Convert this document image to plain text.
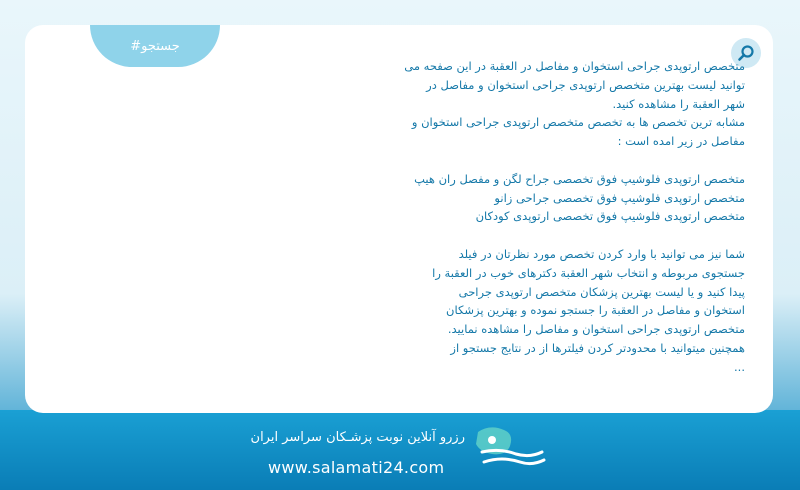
#جستجو

متخصص ارتوپدی جراحی استخوان و مفاصل در العقبة در این صفحه می

توانید لیست بهترین متخصص ارتوپدی جراحی استخوان و مفاصل در

شهر العقبة را مشاهده کنید.

مشابه ترین تخصص ها به تخصص متخصص ارتوپدی جراحی استخوان و

مفاصل در زیر امده است :

متخصص ارتوپدی فلوشیپ فوق تخصصی جراح لگن و مفصل ران هیپ

متخصص ارتوپدی فلوشیپ فوق تخصصی جراحی زانو

متخصص ارتوپدی فلوشیپ فوق تخصصی ارتوپدی کودکان

شما نیز می توانید با وارد کردن تخصص مورد نظرتان در فیلد

جستجوی مربوطه و انتخاب شهر العقبة دکترهای خوب در العقبة را

پیدا کنید و یا لیست بهترین پزشکان متخصص ارتوپدی جراحی

استخوان و مفاصل در العقبة را جستجو نموده و بهترین پزشکان

متخصص ارتوپدی جراحی استخوان و مفاصل را مشاهده نمایید.

همچنین میتوانید با محدودتر کردن فیلترها از در نتایج جستجو از

...

رزرو آنلاین نوبت پزشـکان سراسر ایران
www.salamati24.com
